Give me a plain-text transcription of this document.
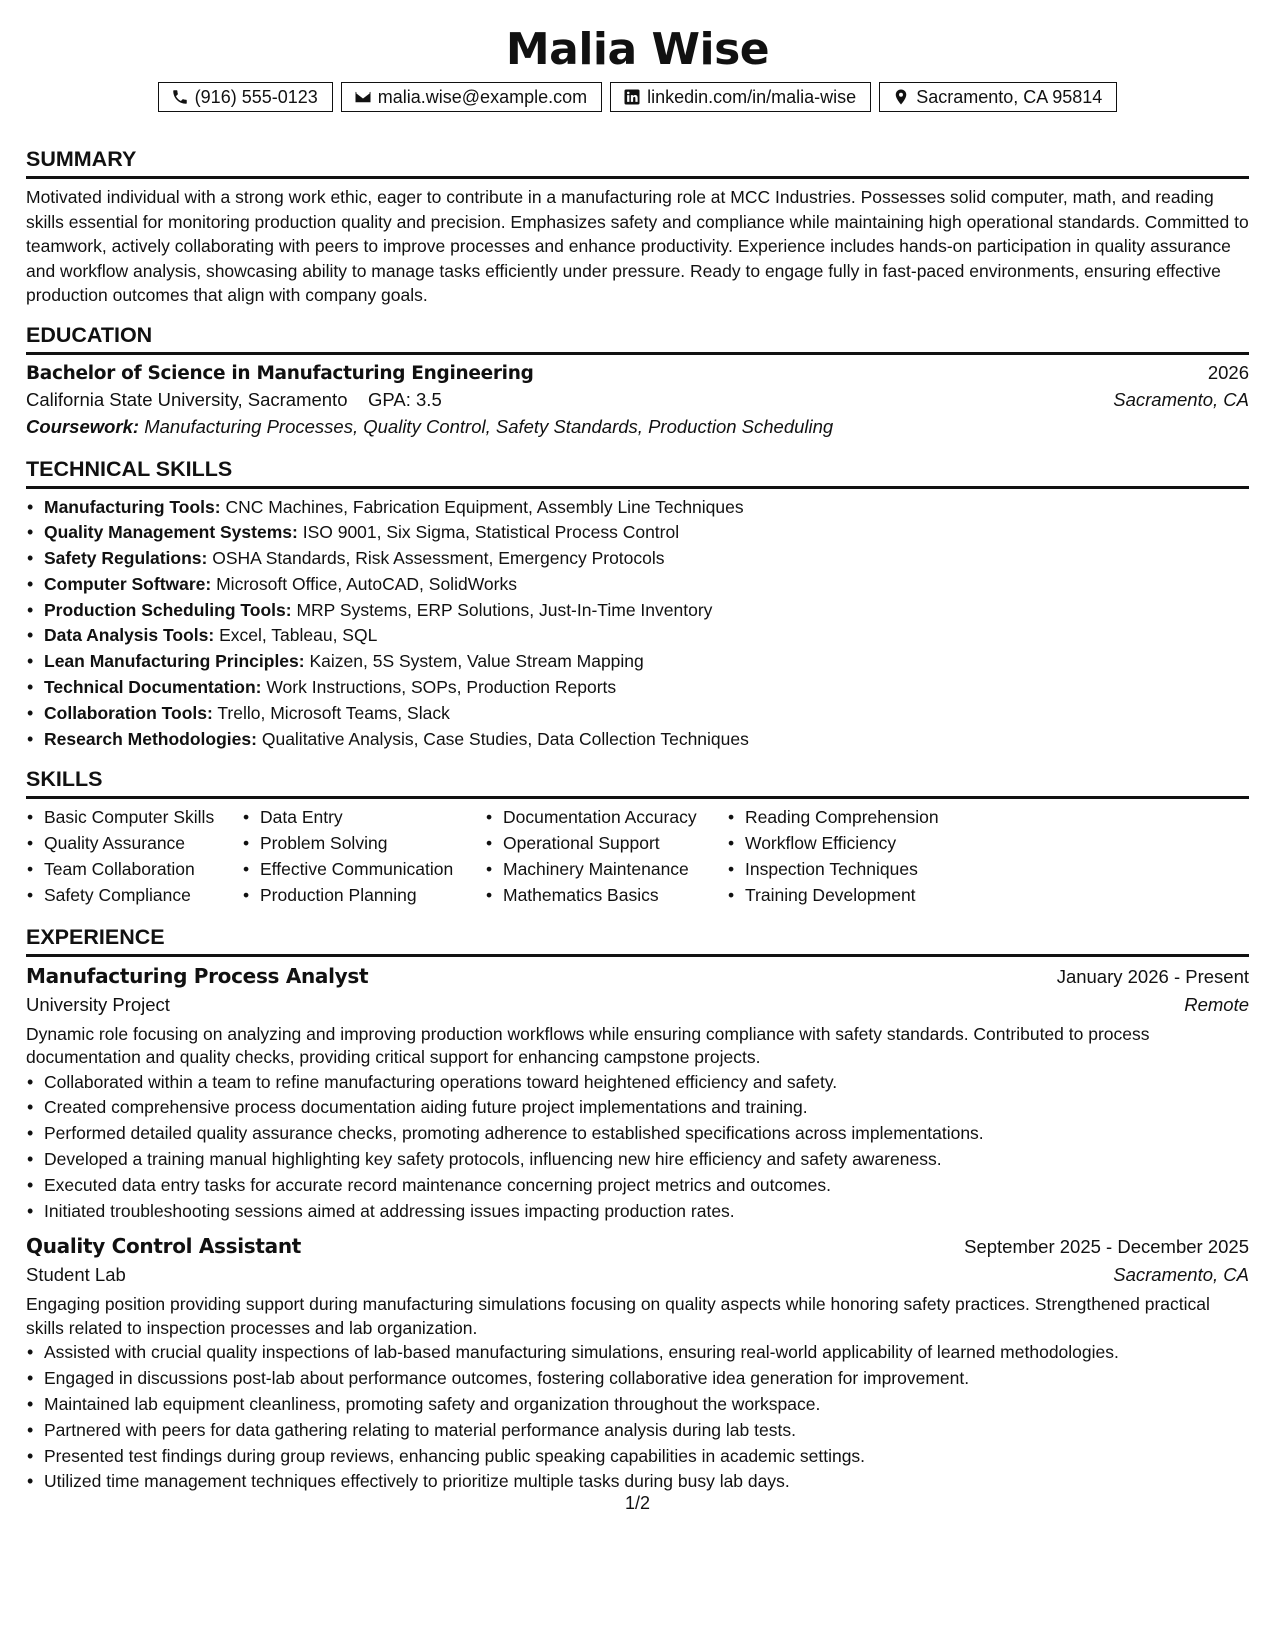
Malia Wise
(916) 555-0123	malia.wise@example.com	linkedin.com/in/malia-wise	Sacramento, CA 95814
SUMMARY
Motivated individual with a strong work ethic, eager to contribute in a manufacturing role at MCC Industries. Possesses solid computer, math, and reading skills essential for monitoring production quality and precision. Emphasizes safety and compliance while maintaining high operational standards. Committed to teamwork, actively collaborating with peers to improve processes and enhance productivity. Experience includes hands-on participation in quality assurance and workflow analysis, showcasing ability to manage tasks efficiently under pressure. Ready to engage fully in fast-paced environments, ensuring effective production outcomes that align with company goals.
EDUCATION
Bachelor of Science in Manufacturing Engineering	2026
California State University, Sacramento GPA: 3.5	Sacramento, CA
Coursework: Manufacturing Processes, Quality Control, Safety Standards, Production Scheduling
TECHNICAL SKILLS
• Manufacturing Tools: CNC Machines, Fabrication Equipment, Assembly Line Techniques
• Quality Management Systems: ISO 9001, Six Sigma, Statistical Process Control
• Safety Regulations: OSHA Standards, Risk Assessment, Emergency Protocols
• Computer Software: Microsoft Office, AutoCAD, SolidWorks
• Production Scheduling Tools: MRP Systems, ERP Solutions, Just-In-Time Inventory
• Data Analysis Tools: Excel, Tableau, SQL
• Lean Manufacturing Principles: Kaizen, 5S System, Value Stream Mapping
• Technical Documentation: Work Instructions, SOPs, Production Reports
• Collaboration Tools: Trello, Microsoft Teams, Slack
• Research Methodologies: Qualitative Analysis, Case Studies, Data Collection Techniques
SKILLS
• Basic Computer Skills
• Quality Assurance
• Team Collaboration
• Safety Compliance
• Data Entry
• Problem Solving
• Effective Communication
• Production Planning
• Documentation Accuracy
• Operational Support
• Machinery Maintenance
• Mathematics Basics
• Reading Comprehension
• Workflow Efficiency
• Inspection Techniques
• Training Development
EXPERIENCE
Manufacturing Process Analyst	January 2026 - Present
University Project	Remote
Dynamic role focusing on analyzing and improving production workflows while ensuring compliance with safety standards. Contributed to process documentation and quality checks, providing critical support for enhancing campstone projects.
• Collaborated within a team to refine manufacturing operations toward heightened efficiency and safety.
• Created comprehensive process documentation aiding future project implementations and training.
• Performed detailed quality assurance checks, promoting adherence to established specifications across implementations.
• Developed a training manual highlighting key safety protocols, influencing new hire efficiency and safety awareness.
• Executed data entry tasks for accurate record maintenance concerning project metrics and outcomes.
• Initiated troubleshooting sessions aimed at addressing issues impacting production rates.
Quality Control Assistant	September 2025 - December 2025
Student Lab	Sacramento, CA
Engaging position providing support during manufacturing simulations focusing on quality aspects while honoring safety practices. Strengthened practical skills related to inspection processes and lab organization.
• Assisted with crucial quality inspections of lab-based manufacturing simulations, ensuring real-world applicability of learned methodologies.
• Engaged in discussions post-lab about performance outcomes, fostering collaborative idea generation for improvement.
• Maintained lab equipment cleanliness, promoting safety and organization throughout the workspace.
• Partnered with peers for data gathering relating to material performance analysis during lab tests.
• Presented test findings during group reviews, enhancing public speaking capabilities in academic settings.
• Utilized time management techniques effectively to prioritize multiple tasks during busy lab days.
1/2
